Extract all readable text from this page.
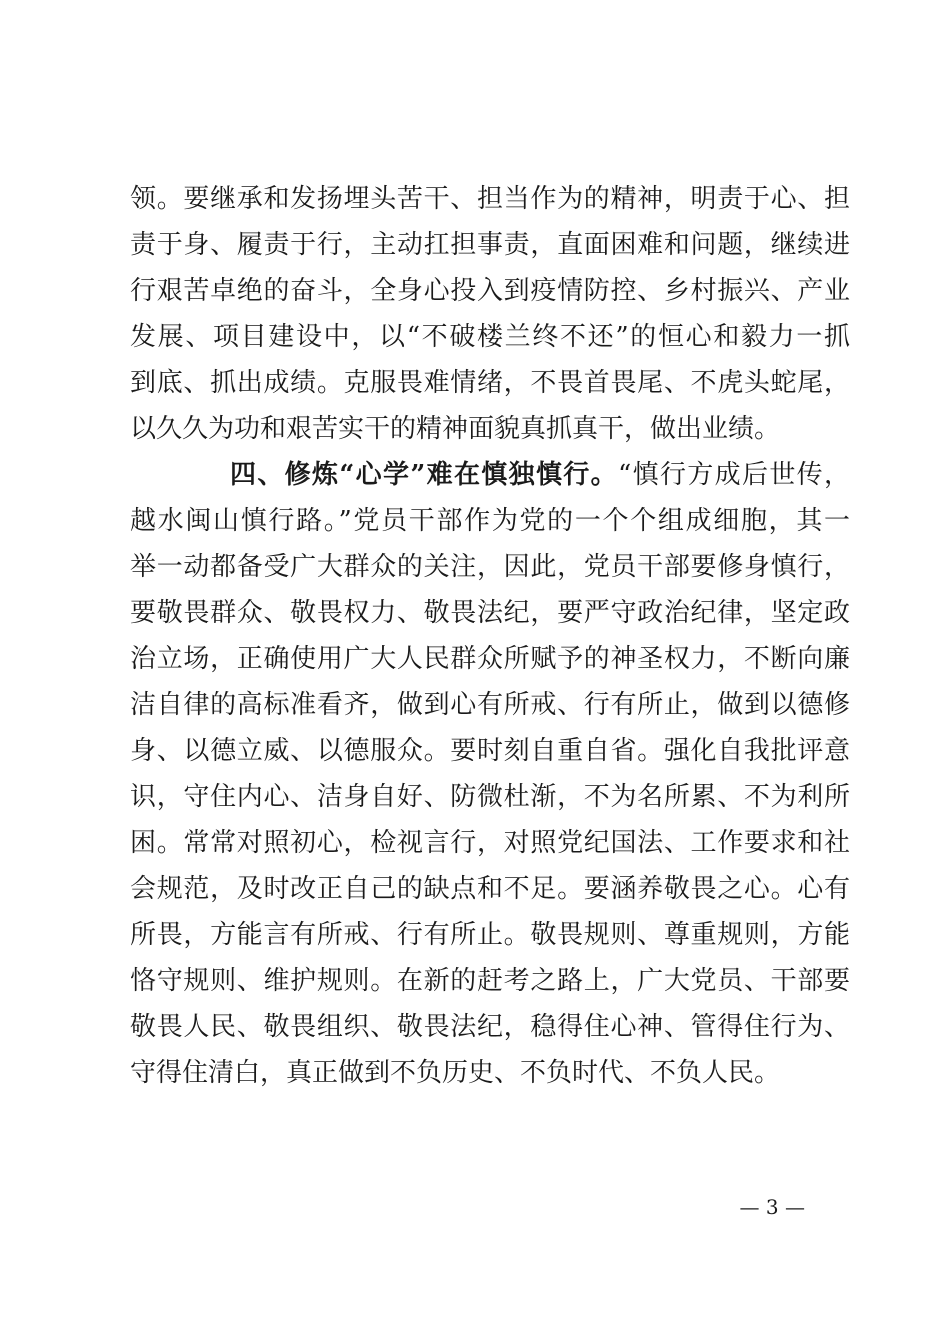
领。要继承和发扬埋头苦干、担当作为的精神，明责于心、担
责于身、履责于行，主动扛担事责，直面困难和问题，继续进
行艰苦卓绝的奋斗，全身心投入到疫情防控、乡村振兴、产业
发展、项目建设中，以“不破楼兰终不还”的恒心和毅力一抓
到底、抓出成绩。克服畏难情绪，不畏首畏尾、不虎头蛇尾，
以久久为功和艰苦实干的精神面貌真抓真干，做出业绩。
四、修炼“心学”难在慎独慎行。“慎行方成后世传，
越水闽山慎行路。”党员干部作为党的一个个组成细胞，其一
举一动都备受广大群众的关注，因此，党员干部要修身慎行，
要敬畏群众、敬畏权力、敬畏法纪，要严守政治纪律，坚定政
治立场，正确使用广大人民群众所赋予的神圣权力，不断向廉
洁自律的高标准看齐，做到心有所戒、行有所止，做到以德修
身、以德立威、以德服众。要时刻自重自省。强化自我批评意
识，守住内心、洁身自好、防微杜渐，不为名所累、不为利所
困。常常对照初心，检视言行，对照党纪国法、工作要求和社
会规范，及时改正自己的缺点和不足。要涵养敬畏之心。心有
所畏，方能言有所戒、行有所止。敬畏规则、尊重规则，方能
恪守规则、维护规则。在新的赶考之路上，广大党员、干部要
敬畏人民、敬畏组织、敬畏法纪，稳得住心神、管得住行为、
守得住清白，真正做到不负历史、不负时代、不负人民。
— 3 —
